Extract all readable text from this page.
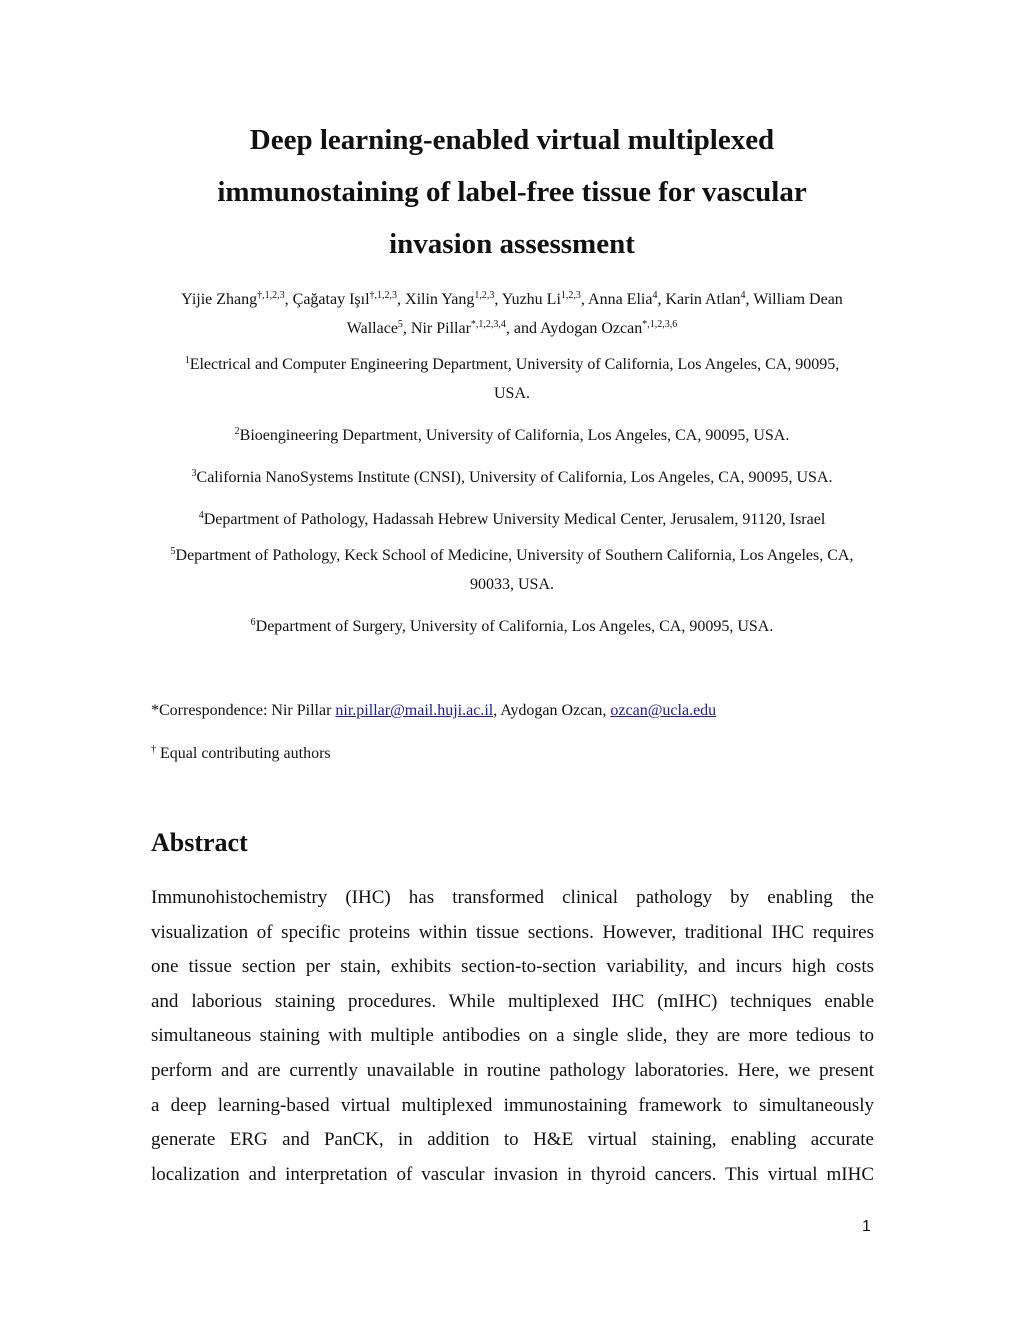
Deep learning-enabled virtual multiplexed
immunostaining of label-free tissue for vascular
invasion assessment
Yijie Zhang$^{\dagger,1,2,3}$, Çağatay Işıl$^{\dagger,1,2,3}$, Xilin Yang$^{1,2,3}$, Yuzhu Li$^{1,2,3}$, Anna Elia$^4$, Karin Atlan$^4$, William Dean
Wallace$^5$, Nir Pillar$^{*,1,2,3,4}$, and Aydogan Ozcan$^{*,1,2,3,6}$
$^1$Electrical and Computer Engineering Department, University of California, Los Angeles, CA, 90095,
USA.
$^2$Bioengineering Department, University of California, Los Angeles, CA, 90095, USA.
$^3$California NanoSystems Institute (CNSI), University of California, Los Angeles, CA, 90095, USA.
$^4$Department of Pathology, Hadassah Hebrew University Medical Center, Jerusalem, 91120, Israel
$^5$Department of Pathology, Keck School of Medicine, University of Southern California, Los Angeles, CA,
90033, USA.
$^6$Department of Surgery, University of California, Los Angeles, CA, 90095, USA.
*Correspondence: Nir Pillar nir.pillar@mail.huji.ac.il, Aydogan Ozcan, ozcan@ucla.edu
† Equal contributing authors
Abstract
Immunohistochemistry (IHC) has transformed clinical pathology by enabling the
visualization of specific proteins within tissue sections. However, traditional IHC requires
one tissue section per stain, exhibits section-to-section variability, and incurs high costs
and laborious staining procedures. While multiplexed IHC (mIHC) techniques enable
simultaneous staining with multiple antibodies on a single slide, they are more tedious to
perform and are currently unavailable in routine pathology laboratories. Here, we present
a deep learning-based virtual multiplexed immunostaining framework to simultaneously
generate ERG and PanCK, in addition to H&E virtual staining, enabling accurate
localization and interpretation of vascular invasion in thyroid cancers. This virtual mIHC
1
